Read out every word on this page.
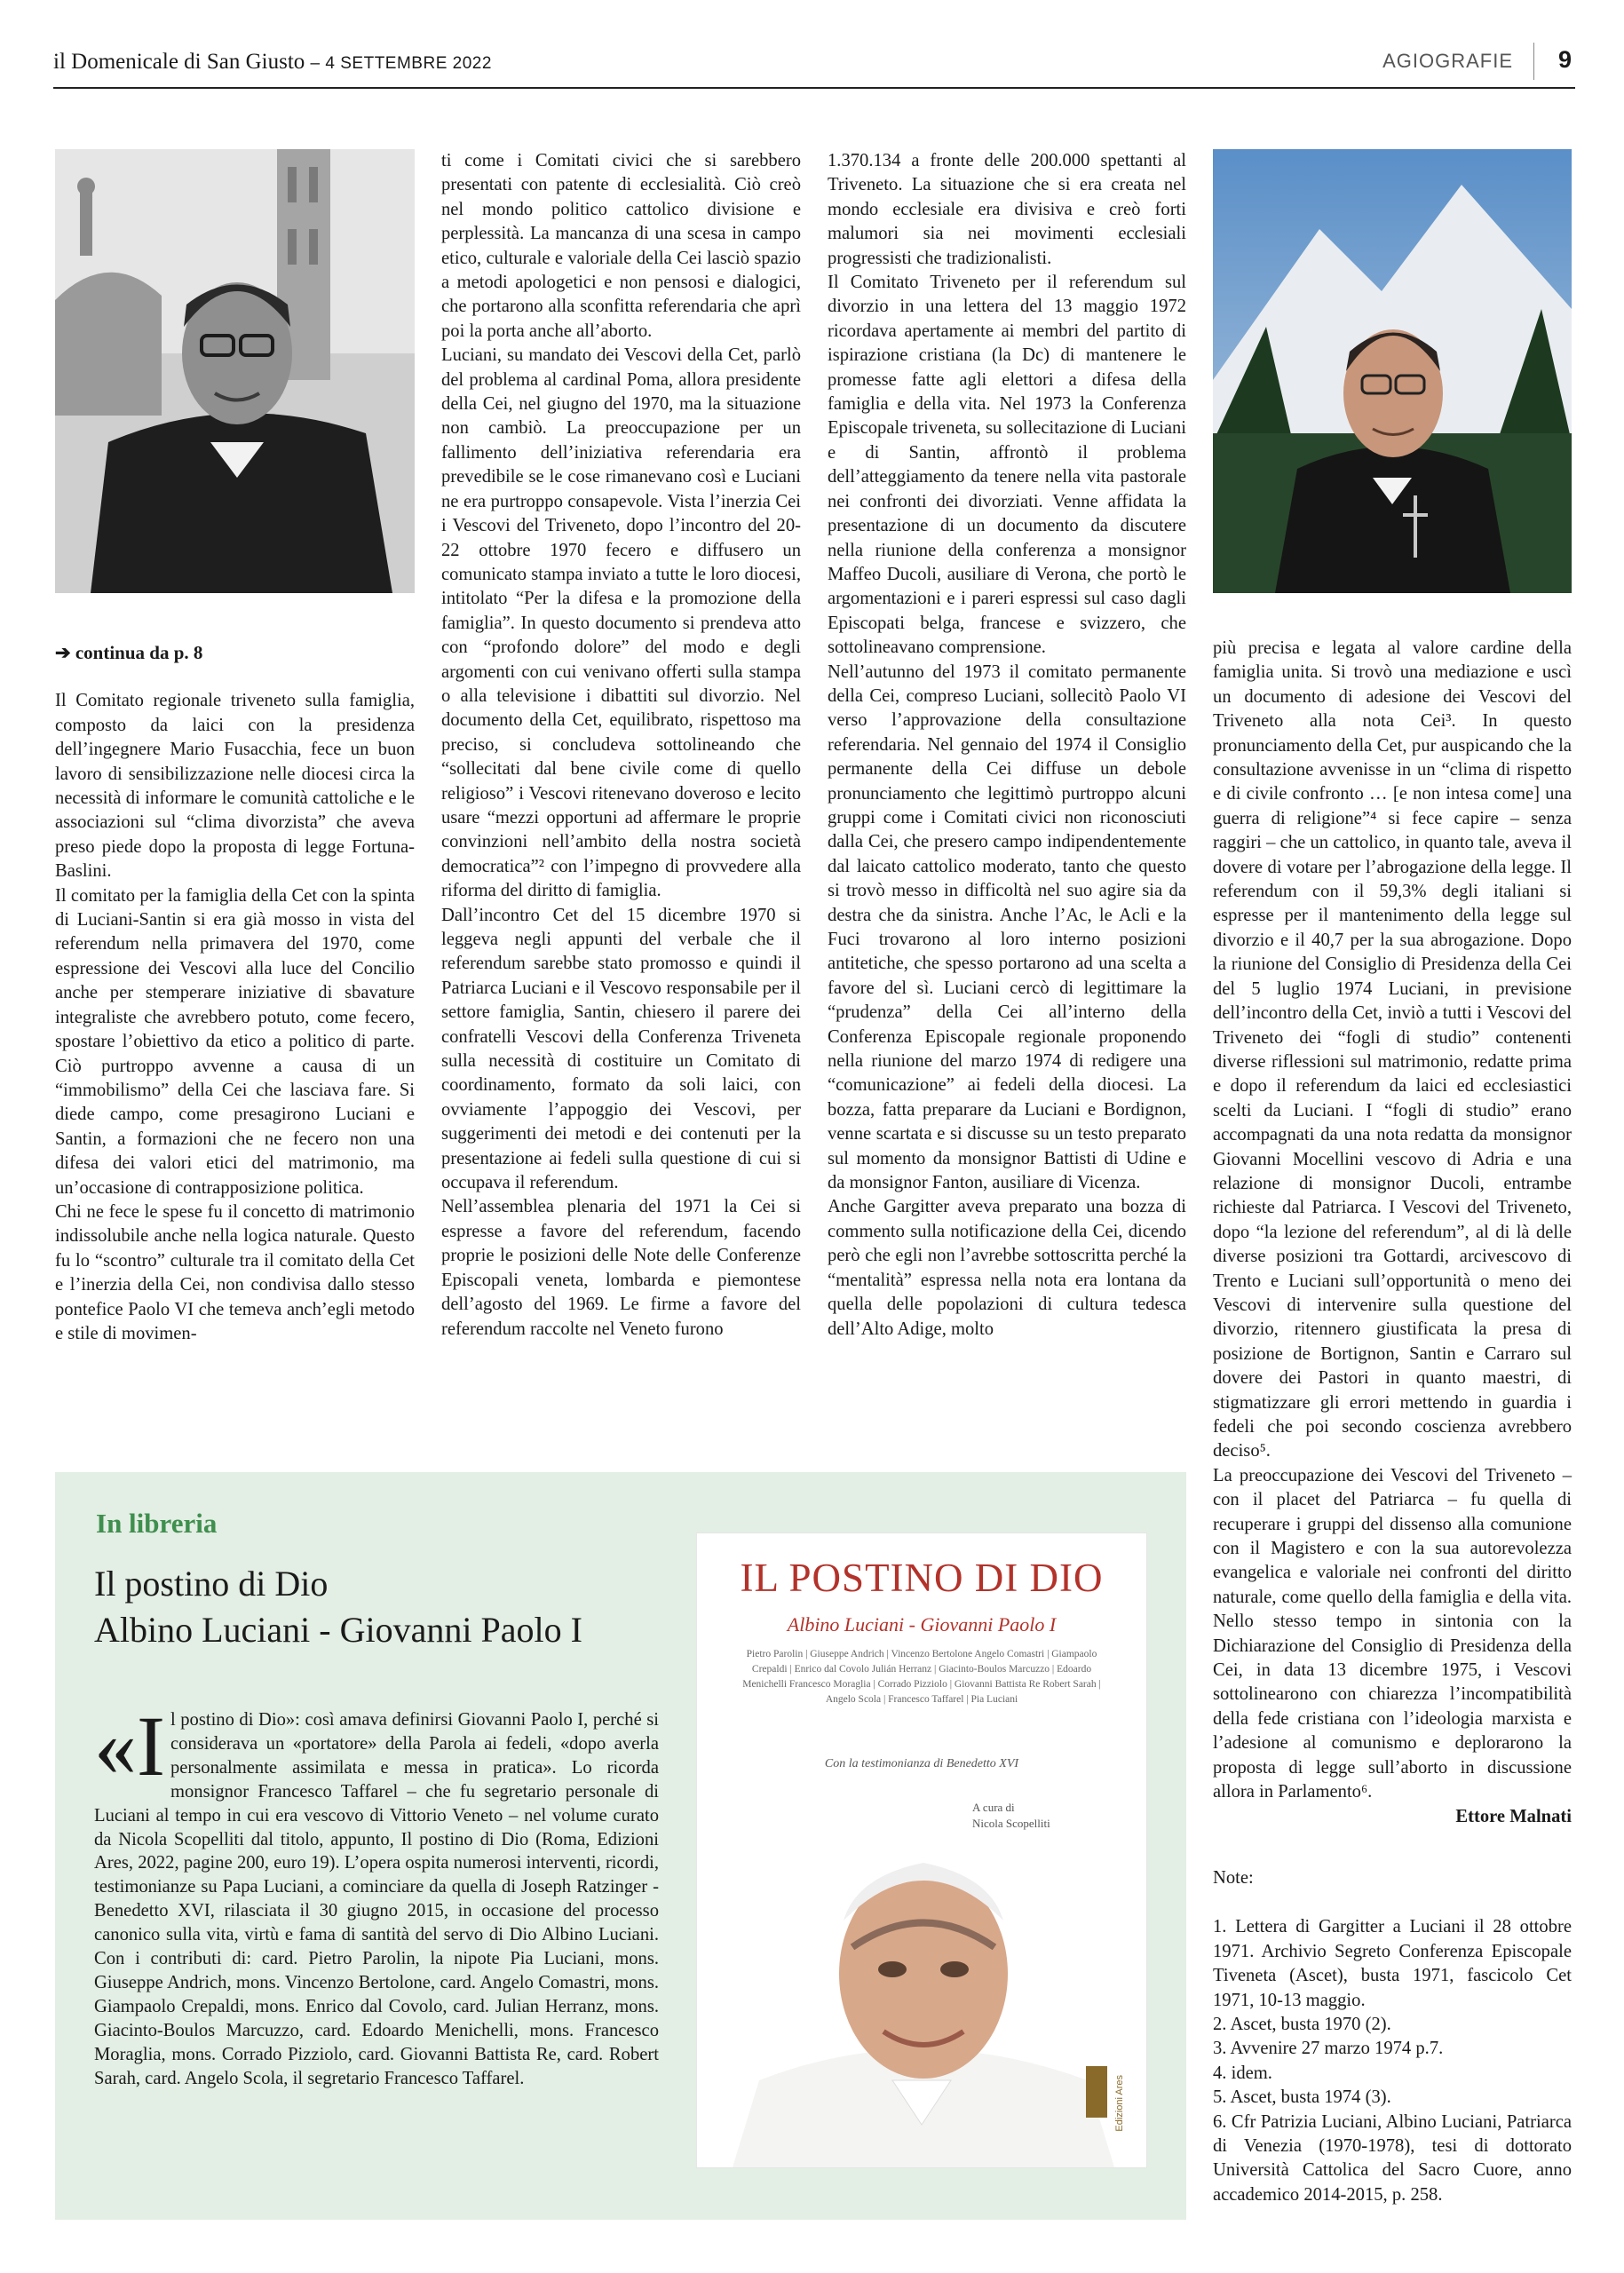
il Domenicale di San Giusto – 4 SETTEMBRE 2022	AGIOGRAFIE 9

➔ continua da p. 8

Il Comitato regionale triveneto sulla famiglia, composto da laici con la presidenza dell’ingegnere Mario Fusacchia, fece un buon lavoro di sensibilizzazione nelle diocesi circa la necessità di informare le comunità cattoliche e le associazioni sul “clima divorzista” che aveva preso piede dopo la proposta di legge Fortuna- Baslini.

Il comitato per la famiglia della Cet con la spinta di Luciani-Santin si era già mosso in vista del referendum nella primavera del 1970, come espressione dei Vescovi alla luce del Concilio anche per stemperare iniziative di sbavature integraliste che avrebbero potuto, come fecero, spostare l’obiettivo da etico a politico di parte. Ciò purtroppo avvenne a causa di un “immobilismo” della Cei che lasciava fare. Si diede campo, come presagirono Luciani e Santin, a formazioni che ne fecero non una difesa dei valori etici del matrimonio, ma un’occasione di contrapposizione politica.

Chi ne fece le spese fu il concetto di matrimonio indissolubile anche nella logica naturale. Questo fu lo “scontro” culturale tra il comitato della Cet e l’inerzia della Cei, non condivisa dallo stesso pontefice Paolo VI che temeva anch’egli metodo e stile di movimen-

ti come i Comitati civici che si sarebbero presentati con patente di ecclesialità. Ciò creò nel mondo politico cattolico divisione e perplessità. La mancanza di una scesa in campo etico, culturale e valoriale della Cei lasciò spazio a metodi apologetici e non pensosi e dialogici, che portarono alla sconfitta referendaria che aprì poi la porta anche all’aborto.

Luciani, su mandato dei Vescovi della Cet, parlò del problema al cardinal Poma, allora presidente della Cei, nel giugno del 1970, ma la situazione non cambiò. La preoccupazione per un fallimento dell’iniziativa referendaria era prevedibile se le cose rimanevano così e Luciani ne era purtroppo consapevole. Vista l’inerzia Cei i Vescovi del Triveneto, dopo l’incontro del 20-22 ottobre 1970 fecero e diffusero un comunicato stampa inviato a tutte le loro diocesi, intitolato “Per la difesa e la promozione della famiglia”. In questo documento si prendeva atto con “profondo dolore” del modo e degli argomenti con cui venivano offerti sulla stampa o alla televisione i dibattiti sul divorzio. Nel documento della Cet, equilibrato, rispettoso ma preciso, si concludeva sottolineando che “sollecitati dal bene civile come di quello religioso” i Vescovi ritenevano doveroso e lecito usare “mezzi opportuni ad affermare le proprie convinzioni nell’ambito della nostra società democratica”² con l’impegno di provvedere alla riforma del diritto di famiglia.

Dall’incontro Cet del 15 dicembre 1970 si leggeva negli appunti del verbale che il referendum sarebbe stato promosso e quindi il Patriarca Luciani e il Vescovo responsabile per il settore famiglia, Santin, chiesero il parere dei confratelli Vescovi della Conferenza Triveneta sulla necessità di costituire un Comitato di coordinamento, formato da soli laici, con ovviamente l’appoggio dei Vescovi, per suggerimenti dei metodi e dei contenuti per la presentazione ai fedeli sulla questione di cui si occupava il referendum.

Nell’assemblea plenaria del 1971 la Cei si espresse a favore del referendum, facendo proprie le posizioni delle Note delle Conferenze Episcopali veneta, lombarda e piemontese dell’agosto del 1969. Le firme a favore del referendum raccolte nel Veneto furono

1.370.134 a fronte delle 200.000 spettanti al Triveneto. La situazione che si era creata nel mondo ecclesiale era divisiva e creò forti malumori sia nei movimenti ecclesiali progressisti che tradizionalisti.

Il Comitato Triveneto per il referendum sul divorzio in una lettera del 13 maggio 1972 ricordava apertamente ai membri del partito di ispirazione cristiana (la Dc) di mantenere le promesse fatte agli elettori a difesa della famiglia e della vita. Nel 1973 la Conferenza Episcopale triveneta, su sollecitazione di Luciani e di Santin, affrontò il problema dell’atteggiamento da tenere nella vita pastorale nei confronti dei divorziati. Venne affidata la presentazione di un documento da discutere nella riunione della conferenza a monsignor Maffeo Ducoli, ausiliare di Verona, che portò le argomentazioni e i pareri espressi sul caso dagli Episcopati belga, francese e svizzero, che sottolineavano comprensione.

Nell’autunno del 1973 il comitato permanente della Cei, compreso Luciani, sollecitò Paolo VI verso l’approvazione della consultazione referendaria. Nel gennaio del 1974 il Consiglio permanente della Cei diffuse un debole pronunciamento che legittimò purtroppo alcuni gruppi come i Comitati civici non riconosciuti dalla Cei, che presero campo indipendentemente dal laicato cattolico moderato, tanto che questo si trovò messo in difficoltà nel suo agire sia da destra che da sinistra. Anche l’Ac, le Acli e la Fuci trovarono al loro interno posizioni antitetiche, che spesso portarono ad una scelta a favore del sì. Luciani cercò di legittimare la “prudenza” della Cei all’interno della Conferenza Episcopale regionale proponendo nella riunione del marzo 1974 di redigere una “comunicazione” ai fedeli della diocesi. La bozza, fatta preparare da Luciani e Bordignon, venne scartata e si discusse su un testo preparato sul momento da monsignor Battisti di Udine e da monsignor Fanton, ausiliare di Vicenza.

Anche Gargitter aveva preparato una bozza di commento sulla notificazione della Cei, dicendo però che egli non l’avrebbe sottoscritta perché la “mentalità” espressa nella nota era lontana da quella delle popolazioni di cultura tedesca dell’Alto Adige, molto

più precisa e legata al valore cardine della famiglia unita. Si trovò una mediazione e uscì un documento di adesione dei Vescovi del Triveneto alla nota Cei³. In questo pronunciamento della Cet, pur auspicando che la consultazione avvenisse in un “clima di rispetto e di civile confronto … [e non intesa come] una guerra di religione”⁴ si fece capire – senza raggiri – che un cattolico, in quanto tale, aveva il dovere di votare per l’abrogazione della legge. Il referendum con il 59,3% degli italiani si espresse per il mantenimento della legge sul divorzio e il 40,7 per la sua abrogazione. Dopo la riunione del Consiglio di Presidenza della Cei del 5 luglio 1974 Luciani, in previsione dell’incontro della Cet, inviò a tutti i Vescovi del Triveneto dei “fogli di studio” contenenti diverse riflessioni sul matrimonio, redatte prima e dopo il referendum da laici ed ecclesiastici scelti da Luciani. I “fogli di studio” erano accompagnati da una nota redatta da monsignor Giovanni Mocellini vescovo di Adria e una relazione di monsignor Ducoli, entrambe richieste dal Patriarca. I Vescovi del Triveneto, dopo “la lezione del referendum”, al di là delle diverse posizioni tra Gottardi, arcivescovo di Trento e Luciani sull’opportunità o meno dei Vescovi di intervenire sulla questione del divorzio, ritennero giustificata la presa di posizione de Bortignon, Santin e Carraro sul dovere dei Pastori in quanto maestri, di stigmatizzare gli errori mettendo in guardia i fedeli che poi secondo coscienza avrebbero deciso⁵.

La preoccupazione dei Vescovi del Triveneto – con il placet del Patriarca – fu quella di recuperare i gruppi del dissenso alla comunione con il Magistero e con la sua autorevolezza evangelica e valoriale nei confronti del diritto naturale, come quello della famiglia e della vita. Nello stesso tempo in sintonia con la Dichiarazione del Consiglio di Presidenza della Cei, in data 13 dicembre 1975, i Vescovi sottolinearono con chiarezza l’incompatibilità della fede cristiana con l’ideologia marxista e l’adesione al comunismo e deplorarono la proposta di legge sull’aborto in discussione allora in Parlamento⁶.

Ettore Malnati

Note:

1. Lettera di Gargitter a Luciani il 28 ottobre 1971. Archivio Segreto Conferenza Episcopale Tiveneta (Ascet), busta 1971, fascicolo Cet 1971, 10-13 maggio.

2. Ascet, busta 1970 (2).

3. Avvenire 27 marzo 1974 p.7.

4. idem.

5. Ascet, busta 1974 (3).

6. Cfr Patrizia Luciani, Albino Luciani, Patriarca di Venezia (1970-1978), tesi di dottorato Università Cattolica del Sacro Cuore, anno accademico 2014-2015, p. 258.

In libreria
Il postino di Dio
Albino Luciani - Giovanni Paolo I
«I l postino di Dio»: così amava definirsi Giovanni Paolo I, perché si considerava un «portatore» della Parola ai fedeli, «dopo averla personalmente assimilata e messa in pratica». Lo ricorda monsignor Francesco Taffarel – che fu segretario personale di Luciani al tempo in cui era vescovo di Vittorio Veneto – nel volume curato da Nicola Scopelliti dal titolo, appunto, Il postino di Dio (Roma, Edizioni Ares, 2022, pagine 200, euro 19). L’opera ospita numerosi interventi, ricordi, testimonianze su Papa Luciani, a cominciare da quella di Joseph Ratzinger - Benedetto XVI, rilasciata il 30 giugno 2015, in occasione del processo canonico sulla vita, virtù e fama di santità del servo di Dio Albino Luciani. Con i contributi di: card. Pietro Parolin, la nipote Pia Luciani, mons. Giuseppe Andrich, mons. Vincenzo Bertolone, card. Angelo Comastri, mons. Giampaolo Crepaldi, mons. Enrico dal Covolo, card. Julian Herranz, mons. Giacinto-Boulos Marcuzzo, card. Edoardo Menichelli, mons. Francesco Moraglia, mons. Corrado Pizziolo, card. Giovanni Battista Re, card. Robert Sarah, card. Angelo Scola, il segretario Francesco Taffarel.
IL POSTINO DI DIO
Albino Luciani - Giovanni Paolo I
Pietro Parolin | Giuseppe Andrich | Vincenzo Bertolone Angelo Comastri | Giampaolo Crepaldi | Enrico dal Covolo Julián Herranz | Giacinto-Boulos Marcuzzo | Edoardo Menichelli Francesco Moraglia | Corrado Pizziolo | Giovanni Battista Re Robert Sarah | Angelo Scola | Francesco Taffarel | Pia Luciani
Con la testimonianza di Benedetto XVI
A cura di
Nicola Scopelliti
Edizioni Ares
